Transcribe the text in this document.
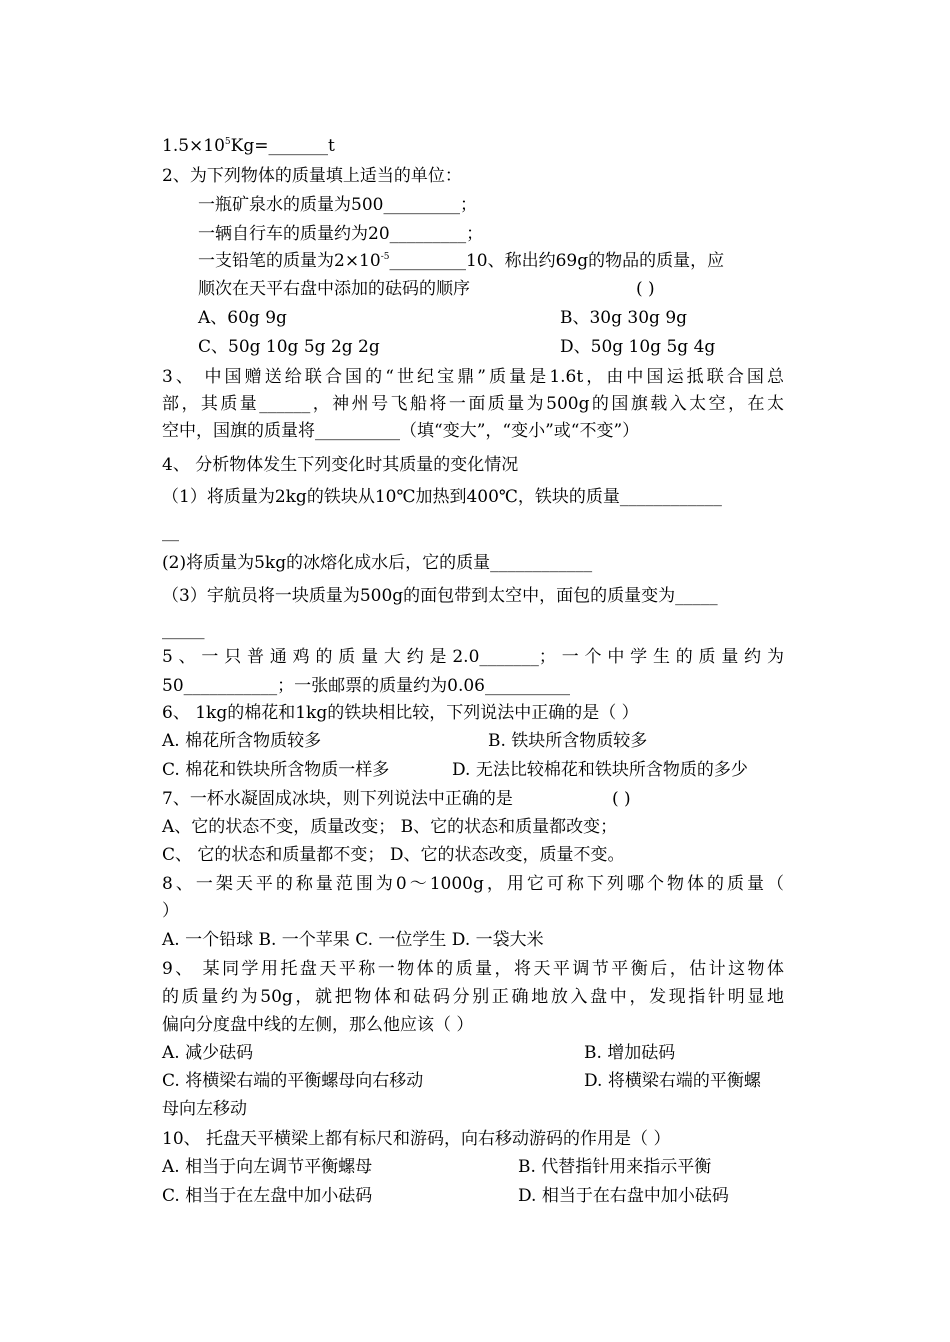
$1.5\times 10^5Kg=\_\_\_\_\_\_\_t$
2、为下列物体的质量填上适当的单位：
一瓶矿泉水的质量为500_________；
一辆自行车的质量约为20_________；
一支铅笔的质量为$2\times 10^{-5}\_\_\_\_\_\_\_\_\_10$、称出约69g的物品的质量，应
顺次在天平右盘中添加的砝码的顺序	( )
A、60g 9g	B、30g 30g 9g
C、50g 10g 5g 2g 2g	D、50g 10g 5g 4g
3、 中国赠送给联合国的“世纪宝鼎”质量是1.6t，由中国运抵联合国总
部，其质量______，神州号飞船将一面质量为500g的国旗载入太空，在太
空中，国旗的质量将__________（填“变大”，“变小”或“不变”）
4、 分析物体发生下列变化时其质量的变化情况
（1）将质量为2kg的铁块从10℃加热到400℃，铁块的质量____________
__
(2)将质量为5kg的冰熔化成水后，它的质量____________
（3）宇航员将一块质量为500g的面包带到太空中，面包的质量变为_____
_____
5、一只普通鸡的质量大约是2.0_______；一个中学生的质量约为
50___________；一张邮票的质量约为0.06__________
6、 1kg的棉花和1kg的铁块相比较，下列说法中正确的是（ ）
A. 棉花所含物质较多	B. 铁块所含物质较多
C. 棉花和铁块所含物质一样多	D. 无法比较棉花和铁块所含物质的多少
7、一杯水凝固成冰块，则下列说法中正确的是	( )
A、它的状态不变，质量改变； B、它的状态和质量都改变；
C、 它的状态和质量都不变； D、它的状态改变，质量不变。
8、一架天平的称量范围为0～1000g，用它可称下列哪个物体的质量（
）
A. 一个铅球 B. 一个苹果 C. 一位学生 D. 一袋大米
9、 某同学用托盘天平称一物体的质量，将天平调节平衡后，估计这物体
的质量约为50g，就把物体和砝码分别正确地放入盘中，发现指针明显地
偏向分度盘中线的左侧，那么他应该（ ）
A. 减少砝码	B. 增加砝码
C. 将横梁右端的平衡螺母向右移动	D. 将横梁右端的平衡螺
母向左移动
10、 托盘天平横梁上都有标尺和游码，向右移动游码的作用是（ ）
A. 相当于向左调节平衡螺母	B. 代替指针用来指示平衡
C. 相当于在左盘中加小砝码	D. 相当于在右盘中加小砝码
